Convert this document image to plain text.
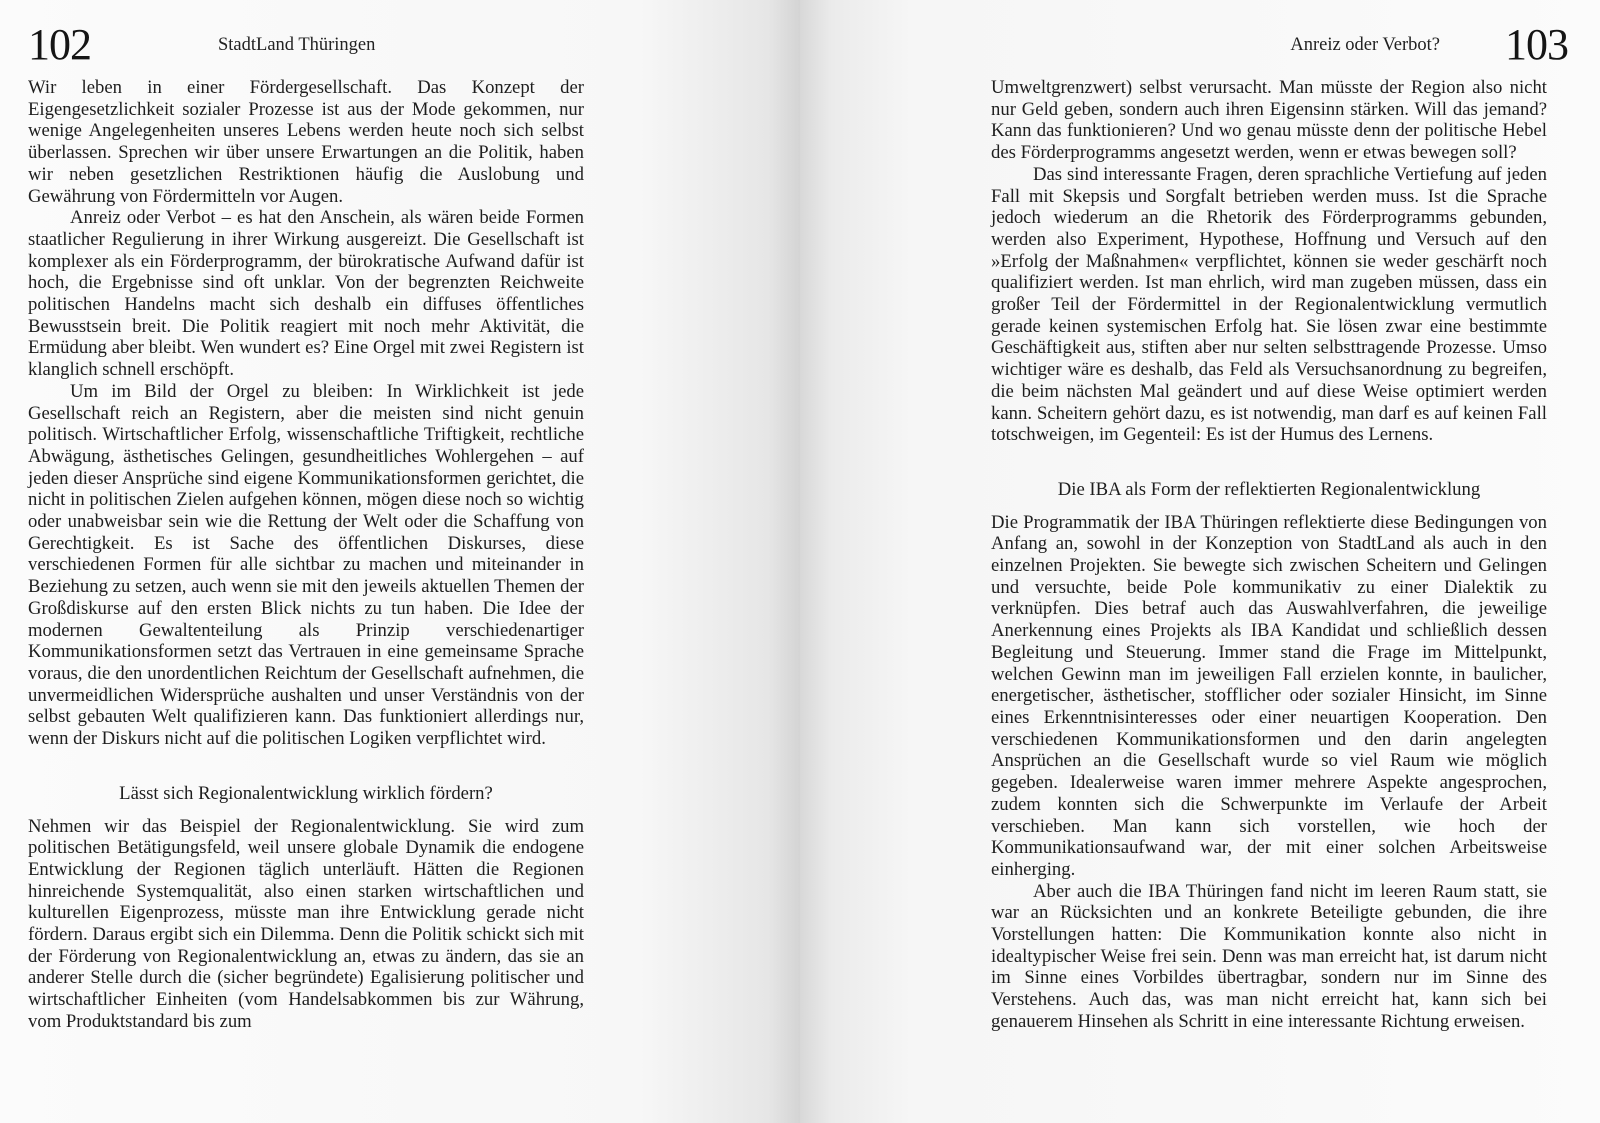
102	StadtLand Thüringen

Wir leben in einer Fördergesellschaft. Das Konzept der Eigengesetzlichkeit sozialer Prozesse ist aus der Mode gekommen, nur wenige Angelegenheiten unseres Lebens werden heute noch sich selbst überlassen. Sprechen wir über unsere Erwartungen an die Politik, haben wir neben gesetzlichen Restriktionen häufig die Auslobung und Gewährung von Fördermitteln vor Augen.

Anreiz oder Verbot – es hat den Anschein, als wären beide Formen staatlicher Regulierung in ihrer Wirkung ausgereizt. Die Gesellschaft ist komplexer als ein Förderprogramm, der bürokratische Aufwand dafür ist hoch, die Ergebnisse sind oft unklar. Von der begrenzten Reichweite politischen Handelns macht sich deshalb ein diffuses öffentliches Bewusstsein breit. Die Politik reagiert mit noch mehr Aktivität, die Ermüdung aber bleibt. Wen wundert es? Eine Orgel mit zwei Registern ist klanglich schnell erschöpft.

Um im Bild der Orgel zu bleiben: In Wirklichkeit ist jede Gesellschaft reich an Registern, aber die meisten sind nicht genuin politisch. Wirtschaftlicher Erfolg, wissenschaftliche Triftigkeit, rechtliche Abwägung, ästhetisches Gelingen, gesundheitliches Wohlergehen – auf jeden dieser Ansprüche sind eigene Kommunikationsformen gerichtet, die nicht in politischen Zielen aufgehen können, mögen diese noch so wichtig oder unabweisbar sein wie die Rettung der Welt oder die Schaffung von Gerechtigkeit. Es ist Sache des öffentlichen Diskurses, diese verschiedenen Formen für alle sichtbar zu machen und miteinander in Beziehung zu setzen, auch wenn sie mit den jeweils aktuellen Themen der Großdiskurse auf den ersten Blick nichts zu tun haben. Die Idee der modernen Gewaltenteilung als Prinzip verschiedenartiger Kommunikationsformen setzt das Vertrauen in eine gemeinsame Sprache voraus, die den unordentlichen Reichtum der Gesellschaft aufnehmen, die unvermeidlichen Widersprüche aushalten und unser Verständnis von der selbst gebauten Welt qualifizieren kann. Das funktioniert allerdings nur, wenn der Diskurs nicht auf die politischen Logiken verpflichtet wird.

Lässt sich Regionalentwicklung wirklich fördern?

Nehmen wir das Beispiel der Regionalentwicklung. Sie wird zum politischen Betätigungsfeld, weil unsere globale Dynamik die endogene Entwicklung der Regionen täglich unterläuft. Hätten die Regionen hinreichende Systemqualität, also einen starken wirtschaftlichen und kulturellen Eigenprozess, müsste man ihre Entwicklung gerade nicht fördern. Daraus ergibt sich ein Dilemma. Denn die Politik schickt sich mit der Förderung von Regionalentwicklung an, etwas zu ändern, das sie an anderer Stelle durch die (sicher begründete) Egalisierung politischer und wirtschaftlicher Einheiten (vom Handelsabkommen bis zur Währung, vom Produktstandard bis zum

Anreiz oder Verbot? 103

Umweltgrenzwert) selbst verursacht. Man müsste der Region also nicht nur Geld geben, sondern auch ihren Eigensinn stärken. Will das jemand? Kann das funktionieren? Und wo genau müsste denn der politische Hebel des Förderprogramms angesetzt werden, wenn er etwas bewegen soll?

Das sind interessante Fragen, deren sprachliche Vertiefung auf jeden Fall mit Skepsis und Sorgfalt betrieben werden muss. Ist die Sprache jedoch wiederum an die Rhetorik des Förderprogramms gebunden, werden also Experiment, Hypothese, Hoffnung und Versuch auf den »Erfolg der Maßnahmen« verpflichtet, können sie weder geschärft noch qualifiziert werden. Ist man ehrlich, wird man zugeben müssen, dass ein großer Teil der Fördermittel in der Regionalentwicklung vermutlich gerade keinen systemischen Erfolg hat. Sie lösen zwar eine bestimmte Geschäftigkeit aus, stiften aber nur selten selbsttragende Prozesse. Umso wichtiger wäre es deshalb, das Feld als Versuchsanordnung zu begreifen, die beim nächsten Mal geändert und auf diese Weise optimiert werden kann. Scheitern gehört dazu, es ist notwendig, man darf es auf keinen Fall totschweigen, im Gegenteil: Es ist der Humus des Lernens.

Die IBA als Form der reflektierten Regionalentwicklung

Die Programmatik der IBA Thüringen reflektierte diese Bedingungen von Anfang an, sowohl in der Konzeption von StadtLand als auch in den einzelnen Projekten. Sie bewegte sich zwischen Scheitern und Gelingen und versuchte, beide Pole kommunikativ zu einer Dialektik zu verknüpfen. Dies betraf auch das Auswahlverfahren, die jeweilige Anerkennung eines Projekts als IBA Kandidat und schließlich dessen Begleitung und Steuerung. Immer stand die Frage im Mittelpunkt, welchen Gewinn man im jeweiligen Fall erzielen konnte, in baulicher, energetischer, ästhetischer, stofflicher oder sozialer Hinsicht, im Sinne eines Erkenntnisinteresses oder einer neuartigen Kooperation. Den verschiedenen Kommunikationsformen und den darin angelegten Ansprüchen an die Gesellschaft wurde so viel Raum wie möglich gegeben. Idealerweise waren immer mehrere Aspekte angesprochen, zudem konnten sich die Schwerpunkte im Verlaufe der Arbeit verschieben. Man kann sich vorstellen, wie hoch der Kommunikationsaufwand war, der mit einer solchen Arbeitsweise einherging.

Aber auch die IBA Thüringen fand nicht im leeren Raum statt, sie war an Rücksichten und an konkrete Beteiligte gebunden, die ihre Vorstellungen hatten: Die Kommunikation konnte also nicht in idealtypischer Weise frei sein. Denn was man erreicht hat, ist darum nicht im Sinne eines Vorbildes übertragbar, sondern nur im Sinne des Verstehens. Auch das, was man nicht erreicht hat, kann sich bei genauerem Hinsehen als Schritt in eine interessante Richtung erweisen.
